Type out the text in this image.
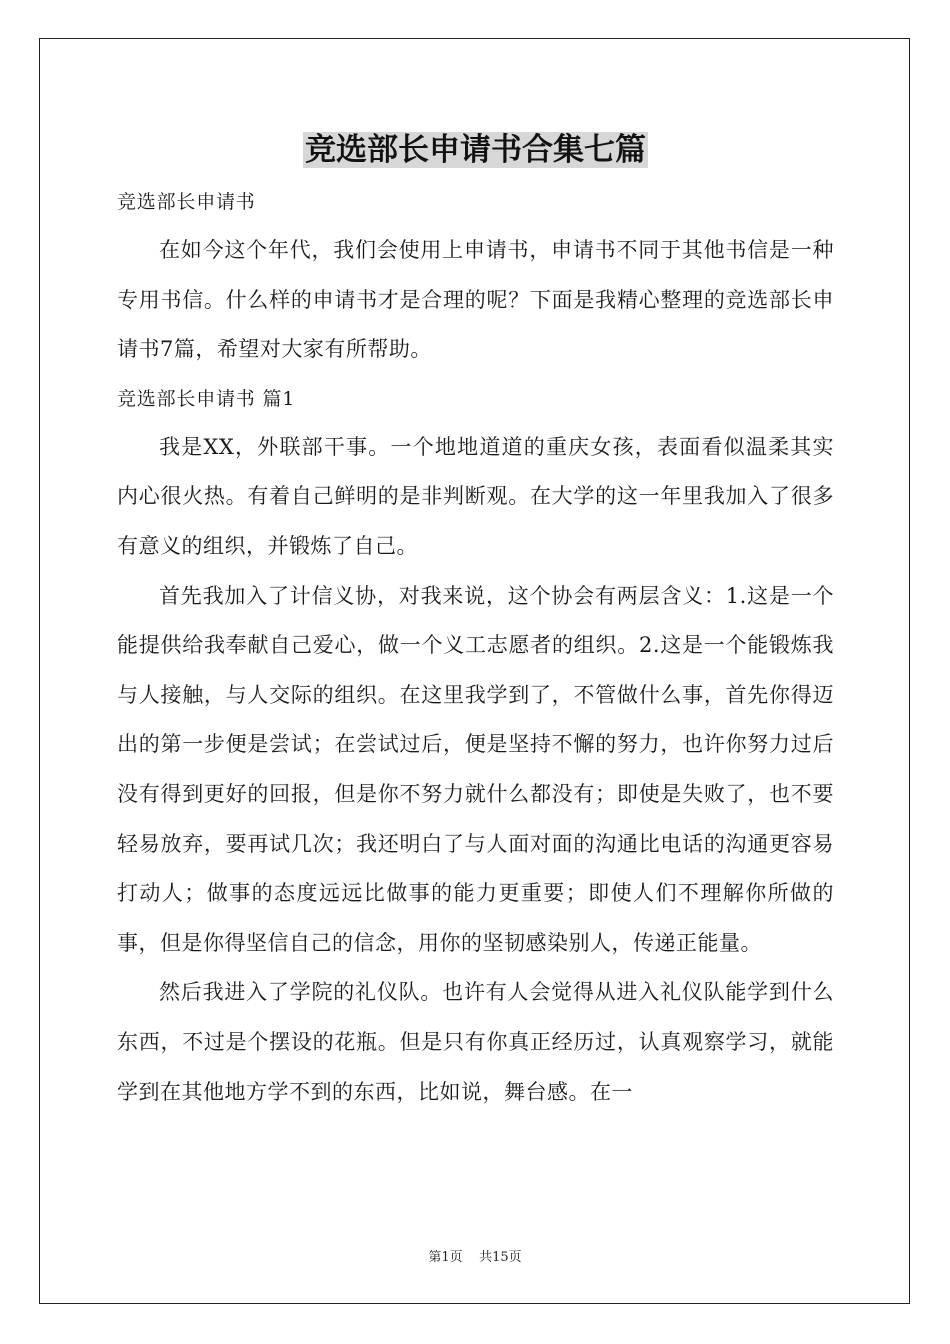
竞选部长申请书合集七篇

竞选部长申请书

在如今这个年代，我们会使用上申请书，申请书不同于其他书信是一种专用书信。什么样的申请书才是合理的呢？下面是我精心整理的竞选部长申请书7篇，希望对大家有所帮助。

竞选部长申请书 篇1

我是XX，外联部干事。一个地地道道的重庆女孩，表面看似温柔其实内心很火热。有着自己鲜明的是非判断观。在大学的这一年里我加入了很多有意义的组织，并锻炼了自己。

首先我加入了计信义协，对我来说，这个协会有两层含义：1.这是一个能提供给我奉献自己爱心，做一个义工志愿者的组织。2.这是一个能锻炼我与人接触，与人交际的组织。在这里我学到了，不管做什么事，首先你得迈出的第一步便是尝试；在尝试过后，便是坚持不懈的努力，也许你努力过后没有得到更好的回报，但是你不努力就什么都没有；即使是失败了，也不要轻易放弃，要再试几次；我还明白了与人面对面的沟通比电话的沟通更容易打动人；做事的态度远远比做事的能力更重要；即使人们不理解你所做的事，但是你得坚信自己的信念，用你的坚韧感染别人，传递正能量。

然后我进入了学院的礼仪队。也许有人会觉得从进入礼仪队能学到什么东西，不过是个摆设的花瓶。但是只有你真正经历过，认真观察学习，就能学到在其他地方学不到的东西，比如说，舞台感。在一

第1页    共15页
